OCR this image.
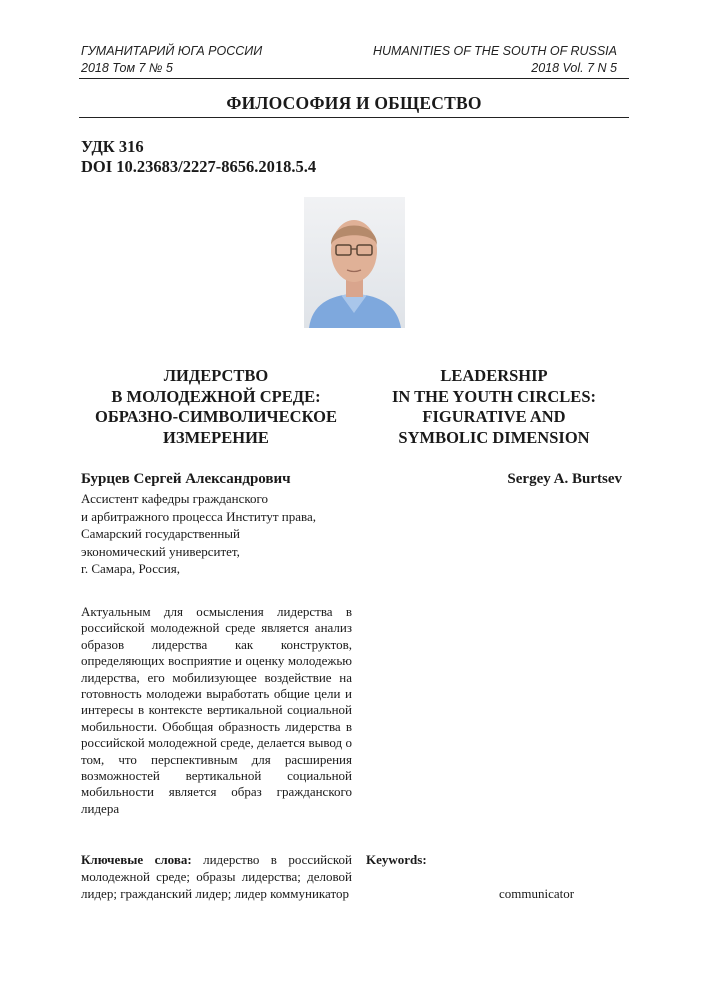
ГУМАНИТАРИЙ ЮГА РОССИИ
2018 Том 7 № 5
HUMANITIES OF THE SOUTH OF RUSSIA
2018 Vol. 7 N 5
ФИЛОСОФИЯ И ОБЩЕСТВО
УДК 316
DOI 10.23683/2227-8656.2018.5.4
ЛИДЕРСТВО
В МОЛОДЕЖНОЙ СРЕДЕ:
ОБРАЗНО-СИМВОЛИЧЕСКОЕ
ИЗМЕРЕНИЕ
LEADERSHIP
IN THE YOUTH CIRCLES:
FIGURATIVE AND
SYMBOLIC DIMENSION
Бурцев Сергей Александрович	Sergey A. Burtsev
Ассистент кафедры гражданского
и арбитражного процесса Институт права,
Самарский государственный
экономический университет,
г. Самара, Россия,
Актуальным для осмысления лидерства в российской молодежной среде является анализ образов лидерства как конструктов, определяющих восприятие и оценку молодежью лидерства, его мобилизующее воздействие на готовность молодежи выработать общие цели и интересы в контексте вертикальной социальной мобильности. Обобщая образность лидерства в российской молодежной среде, делается вывод о том, что перспективным для расширения возможностей вертикальной социальной мобильности является образ гражданского лидера
Ключевые слова: лидерство в российской молодежной среде; образы лидерства; деловой лидер; гражданский лидер; лидер коммуникатор
Keywords:
communicator
